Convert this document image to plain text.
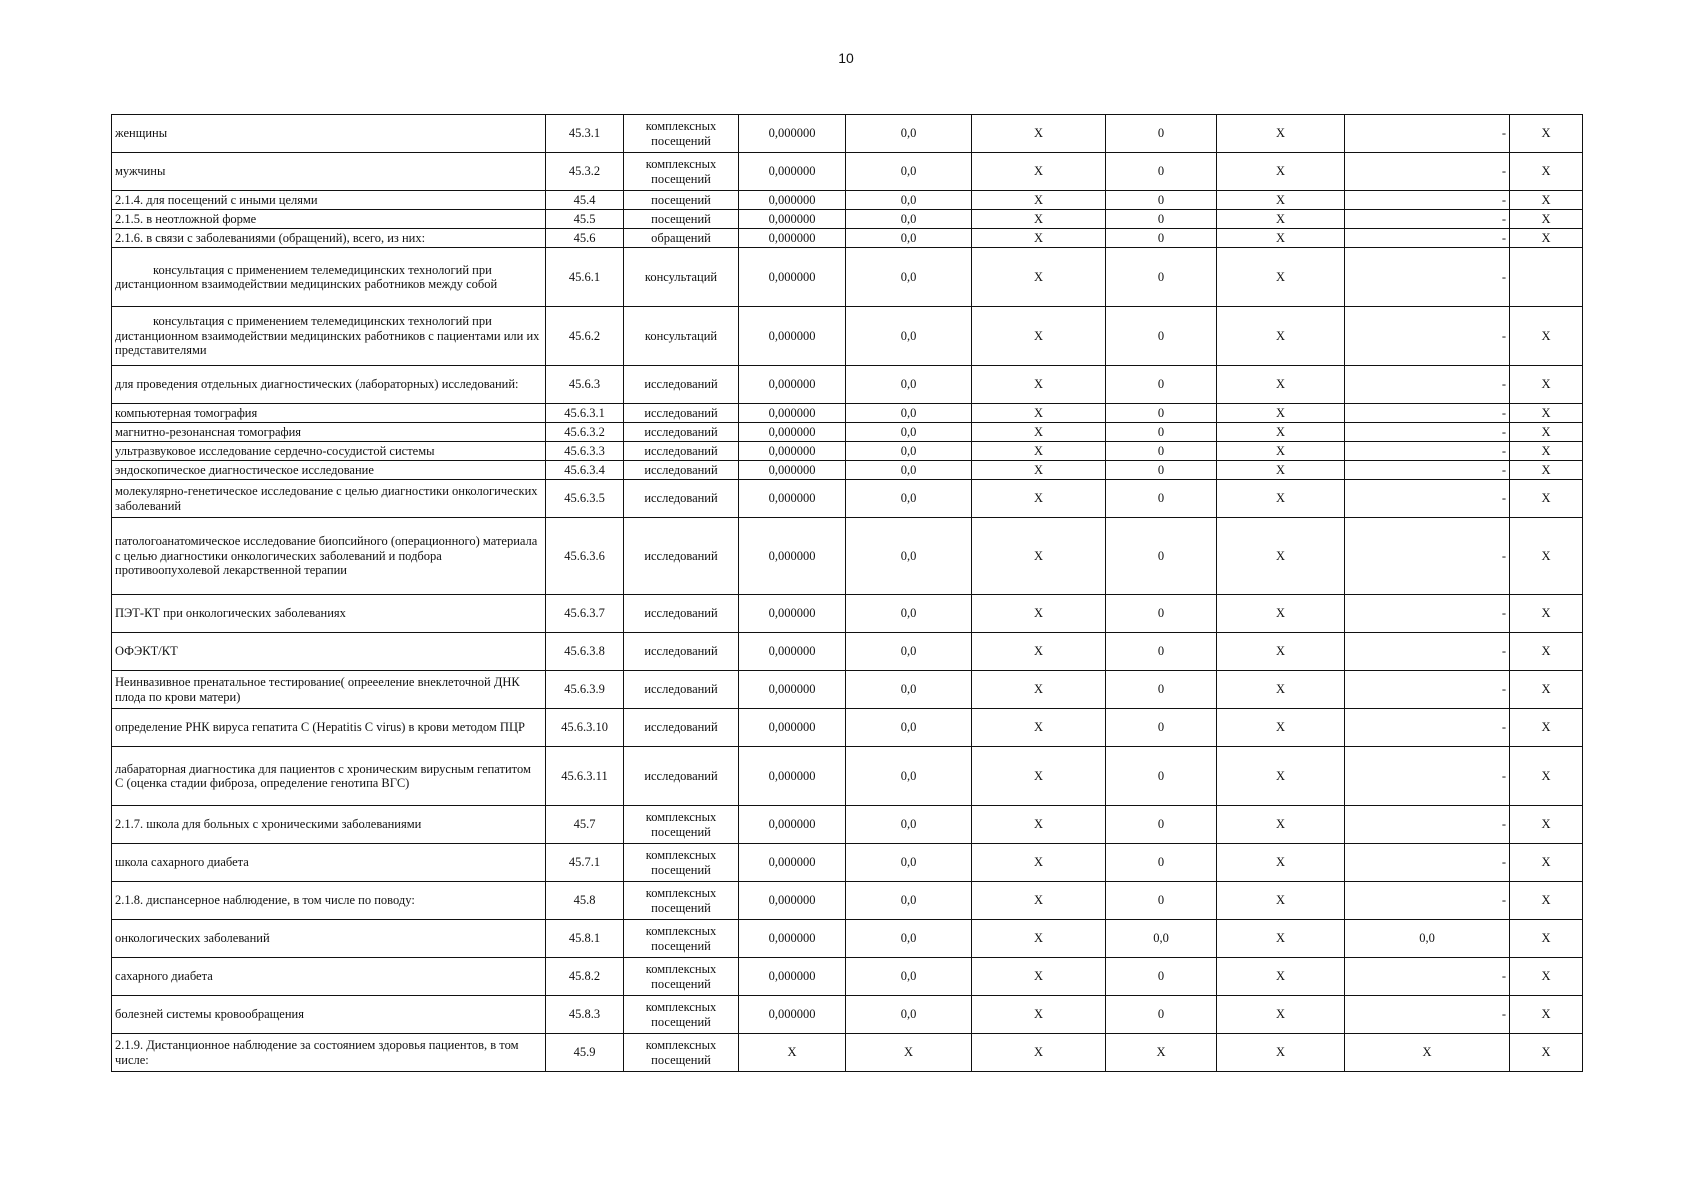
10
женщины	45.3.1	комплексных посещений	0,000000	0,0	X	0	X	-	X
мужчины	45.3.2	комплексных посещений	0,000000	0,0	X	0	X	-	X
2.1.4. для посещений с иными целями	45.4	посещений	0,000000	0,0	X	0	X	-	X
2.1.5. в неотложной форме	45.5	посещений	0,000000	0,0	X	0	X	-	X
2.1.6. в связи с заболеваниями (обращений), всего, из них:	45.6	обращений	0,000000	0,0	X	0	X	-	X
консультация с применением телемедицинских технологий при дистанционном взаимодействии медицинских работников между собой	45.6.1	консультаций	0,000000	0,0	X	0	X	-	
консультация с применением телемедицинских технологий при дистанционном взаимодействии медицинских работников с пациентами или их представителями	45.6.2	консультаций	0,000000	0,0	X	0	X	-	X
для проведения отдельных диагностических (лабораторных) исследований:	45.6.3	исследований	0,000000	0,0	X	0	X	-	X
компьютерная томография	45.6.3.1	исследований	0,000000	0,0	X	0	X	-	X
магнитно-резонансная томография	45.6.3.2	исследований	0,000000	0,0	X	0	X	-	X
ультразвуковое исследование сердечно-сосудистой системы	45.6.3.3	исследований	0,000000	0,0	X	0	X	-	X
эндоскопическое диагностическое исследование	45.6.3.4	исследований	0,000000	0,0	X	0	X	-	X
молекулярно-генетическое исследование с целью диагностики онкологических заболеваний	45.6.3.5	исследований	0,000000	0,0	X	0	X	-	X
патологоанатомическое исследование биопсийного (операционного) материала с целью диагностики онкологических заболеваний и подбора противоопухолевой лекарственной терапии	45.6.3.6	исследований	0,000000	0,0	X	0	X	-	X
ПЭТ-КТ при онкологических заболеваниях	45.6.3.7	исследований	0,000000	0,0	X	0	X	-	X
ОФЭКТ/КТ	45.6.3.8	исследований	0,000000	0,0	X	0	X	-	X
Неинвазивное пренатальное тестирование( опреееление внеклеточной ДНК плода по крови матери)	45.6.3.9	исследований	0,000000	0,0	X	0	X	-	X
определение РНК вируса гепатита С (Hepatitis C virus) в крови методом ПЦР	45.6.3.10	исследований	0,000000	0,0	X	0	X	-	X
лабараторная диагностика для пациентов с хроническим вирусным гепатитом С (оценка стадии фиброза, определение генотипа ВГС)	45.6.3.11	исследований	0,000000	0,0	X	0	X	-	X
2.1.7. школа для больных с хроническими заболеваниями	45.7	комплексных посещений	0,000000	0,0	X	0	X	-	X
школа сахарного диабета	45.7.1	комплексных посещений	0,000000	0,0	X	0	X	-	X
2.1.8. диспансерное наблюдение, в том числе по поводу:	45.8	комплексных посещений	0,000000	0,0	X	0	X	-	X
онкологических заболеваний	45.8.1	комплексных посещений	0,000000	0,0	X	0,0	X	0,0	X
сахарного диабета	45.8.2	комплексных посещений	0,000000	0,0	X	0	X	-	X
болезней системы кровообращения	45.8.3	комплексных посещений	0,000000	0,0	X	0	X	-	X
2.1.9. Дистанционное наблюдение за состоянием здоровья пациентов, в том числе:	45.9	комплексных посещений	X	X	X	X	X	X	X
